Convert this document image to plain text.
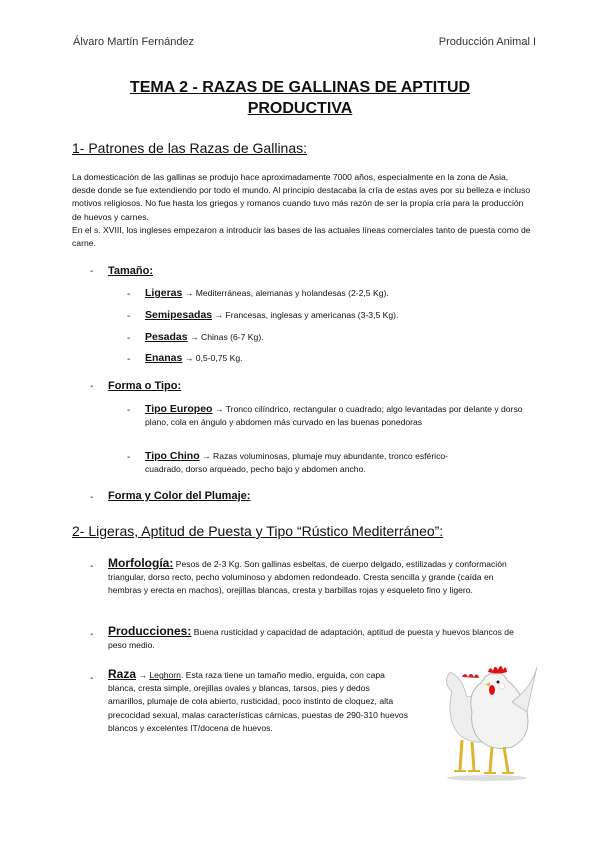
Álvaro Martín Fernández	Producción Animal I
TEMA 2 - RAZAS DE GALLINAS DE APTITUD
PRODUCTIVA
1- Patrones de las Razas de Gallinas:
La domesticación de las gallinas se produjo hace aproximadamente 7000 años, especialmente en la zona de Asia, desde donde se fue extendiendo por todo el mundo. Al principio destacaba la cría de estas aves por su belleza e incluso motivos religiosos. No fue hasta los griegos y romanos cuando tuvo más razón de ser la propia cría para la producción de huevos y carnes.
En el s. XVIII, los ingleses empezaron a introducir las bases de las actuales líneas comerciales tanto de puesta como de carne.
- Tamaño:
- Ligeras → Mediterráneas, alemanas y holandesas (2-2,5 Kg).
- Semipesadas → Francesas, inglesas y americanas (3-3,5 Kg).
- Pesadas → Chinas (6-7 Kg).
- Enanas → 0,5-0,75 Kg.
- Forma o Tipo:
- Tipo Europeo → Tronco cilíndrico, rectangular o cuadrado; algo levantadas por delante y dorso plano, cola en ángulo y abdomen más curvado en las buenas ponedoras
- Tipo Chino → Razas voluminosas, plumaje muy abundante, tronco esférico-cuadrado, dorso arqueado, pecho bajo y abdomen ancho.
- Forma y Color del Plumaje:
2- Ligeras, Aptitud de Puesta y Tipo “Rústico Mediterráneo”:
- Morfología: Pesos de 2-3 Kg. Son gallinas esbeltas, de cuerpo delgado, estilizadas y conformación triangular, dorso recto, pecho voluminoso y abdomen redondeado. Cresta sencilla y grande (caída en hembras y erecta en machos), orejillas blancas, cresta y barbillas rojas y esqueleto fino y ligero.
- Producciones: Buena rusticidad y capacidad de adaptación, aptitud de puesta y huevos blancos de peso medio.
- Raza → Leghorn. Esta raza tiene un tamaño medio, erguida, con capa blanca, cresta simple, orejillas ovales y blancas, tarsos, pies y dedos amarillos, plumaje de cola abierto, rusticidad, poco instinto de cloquez, alta precocidad sexual, malas características cárnicas, puestas de 290-310 huevos blancos y excelentes IT/docena de huevos.
